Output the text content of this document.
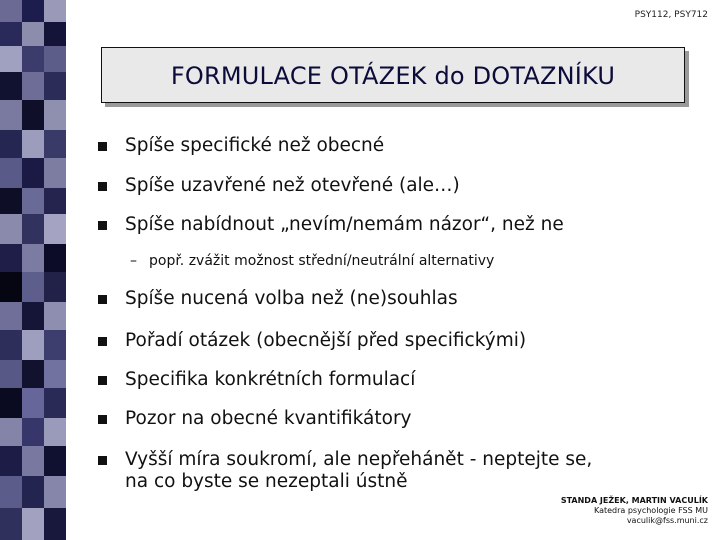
PSY112, PSY712
FORMULACE OTÁZEK do DOTAZNÍKU
Spíše specifické než obecné
Spíše uzavřené než otevřené (ale…)
Spíše nabídnout „nevím/nemám názor“, než ne
– popř. zvážit možnost střední/neutrální alternativy
Spíše nucená volba než (ne)souhlas
Pořadí otázek (obecnější před specifickými)
Specifika konkrétních formulací
Pozor na obecné kvantifikátory
Vyšší míra soukromí, ale nepřehánět - neptejte se,
na co byste se nezeptali ústně
STANDA JEŽEK, MARTIN VACULÍK
Katedra psychologie FSS MU
vaculik@fss.muni.cz
